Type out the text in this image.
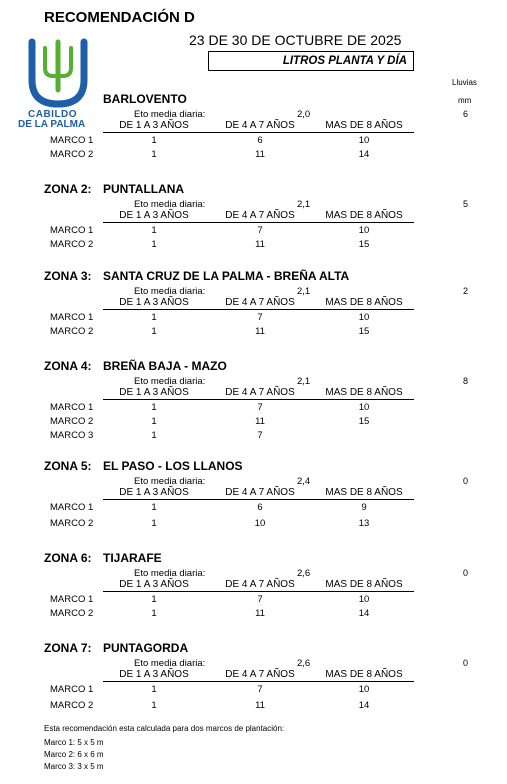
RECOMENDACIÓN D
23 DE 30 DE OCTUBRE DE 2025
LITROS PLANTA Y DÍA
Lluvias
mm
CABILDO
DE LA PALMA
BARLOVENTO
Eto media diaria:	2,0	6
DE 1 A 3 AÑOS	DE 4 A 7 AÑOS	MAS DE 8 AÑOS
MARCO 1	1	6	10
MARCO 2	1	11	14
ZONA 2: PUNTALLANA
Eto media diaria:	2,1	5
DE 1 A 3 AÑOS	DE 4 A 7 AÑOS	MAS DE 8 AÑOS
MARCO 1	1	7	10
MARCO 2	1	11	15
ZONA 3: SANTA CRUZ DE LA PALMA - BREÑA ALTA
Eto media diaria:	2,1	2
DE 1 A 3 AÑOS	DE 4 A 7 AÑOS	MAS DE 8 AÑOS
MARCO 1	1	7	10
MARCO 2	1	11	15
ZONA 4: BREÑA BAJA - MAZO
Eto media diaria:	2,1	8
DE 1 A 3 AÑOS	DE 4 A 7 AÑOS	MAS DE 8 AÑOS
MARCO 1	1	7	10
MARCO 2	1	11	15
MARCO 3	1	7
ZONA 5: EL PASO - LOS LLANOS
Eto media diaria:	2,4	0
DE 1 A 3 AÑOS	DE 4 A 7 AÑOS	MAS DE 8 AÑOS
MARCO 1	1	6	9
MARCO 2	1	10	13
ZONA 6: TIJARAFE
Eto media diaria:	2,6	0
DE 1 A 3 AÑOS	DE 4 A 7 AÑOS	MAS DE 8 AÑOS
MARCO 1	1	7	10
MARCO 2	1	11	14
ZONA 7: PUNTAGORDA
Eto media diaria:	2,6	0
DE 1 A 3 AÑOS	DE 4 A 7 AÑOS	MAS DE 8 AÑOS
MARCO 1	1	7	10
MARCO 2	1	11	14
Esta recomendación esta calculada para dos marcos de plantación:
Marco 1: 5 x 5 m
Marco 2: 6 x 6 m
Marco 3: 3 x 5 m
